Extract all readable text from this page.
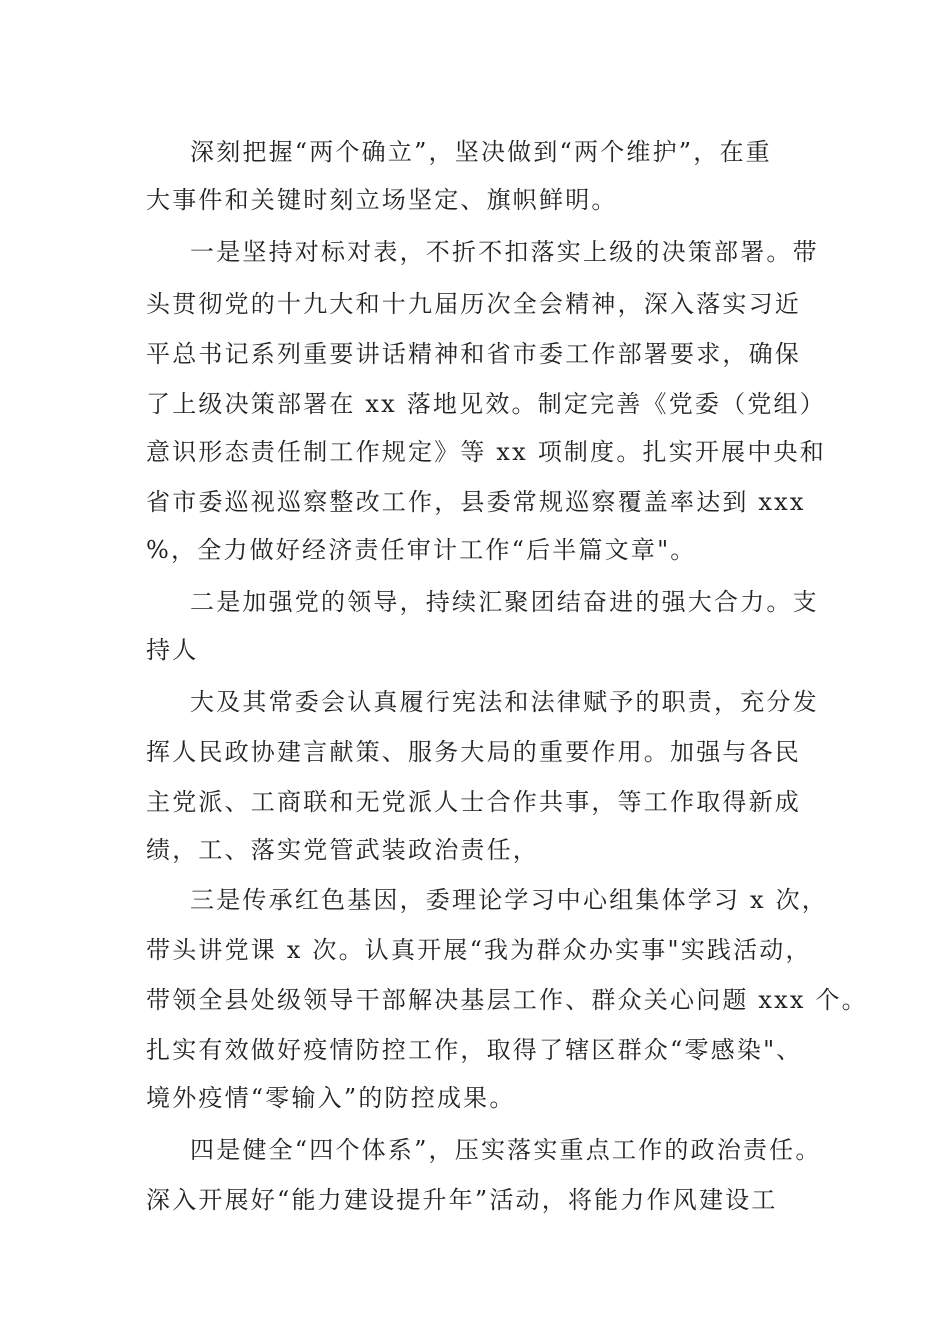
深刻把握“两个确立”，坚决做到“两个维护”，在重
大事件和关键时刻立场坚定、旗帜鲜明。
一是坚持对标对表，不折不扣落实上级的决策部署。带
头贯彻党的十九大和十九届历次全会精神，深入落实习近
平总书记系列重要讲话精神和省市委工作部署要求，确保
了上级决策部署在 xx 落地见效。制定完善《党委（党组）
意识形态责任制工作规定》等 xx 项制度。扎实开展中央和
省市委巡视巡察整改工作，县委常规巡察覆盖率达到 xxx
%，全力做好经济责任审计工作“后半篇文章"。
二是加强党的领导，持续汇聚团结奋进的强大合力。支
持人
大及其常委会认真履行宪法和法律赋予的职责，充分发
挥人民政协建言献策、服务大局的重要作用。加强与各民
主党派、工商联和无党派人士合作共事，等工作取得新成
绩，工、落实党管武装政治责任，
三是传承红色基因，委理论学习中心组集体学习 x 次，
带头讲党课 x 次。认真开展“我为群众办实事"实践活动，
带领全县处级领导干部解决基层工作、群众关心问题 xxx 个。
扎实有效做好疫情防控工作，取得了辖区群众“零感染"、
境外疫情“零输入”的防控成果。
四是健全“四个体系”，压实落实重点工作的政治责任。
深入开展好“能力建设提升年”活动，将能力作风建设工
